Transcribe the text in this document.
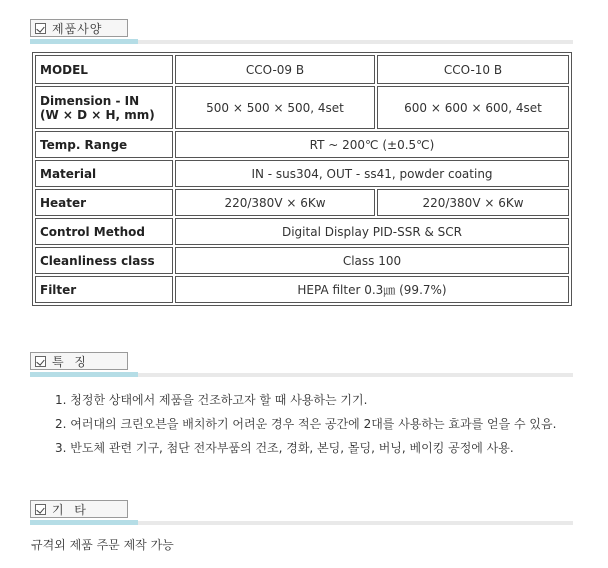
제품사양
MODEL	CCO-09 B	CCO-10 B

Dimension - IN
(W × D × H, mm)	500 × 500 × 500, 4set	600 × 600 × 600, 4set
Temp. Range	RT ~ 200℃ (±0.5℃)	
Material	IN - sus304, OUT - ss41, powder coating	
Heater	220/380V × 6Kw	220/380V × 6Kw
Control Method	Digital Display PID-SSR & SCR	
Cleanliness class	Class 100	
Filter	HEPA filter 0.3㎛ (99.7%)	
특  징
1. 청정한 상태에서 제품을 건조하고자 할 때 사용하는 기기.
2. 여러대의 크린오븐을 배치하기 어려운 경우 적은 공간에 2대를 사용하는 효과를 얻을 수 있음.
3. 반도체 관련 기구, 첨단 전자부품의 건조, 경화, 본딩, 몰딩, 버닝, 베이킹 공정에 사용.
기  타
규격외 제품 주문 제작 가능
